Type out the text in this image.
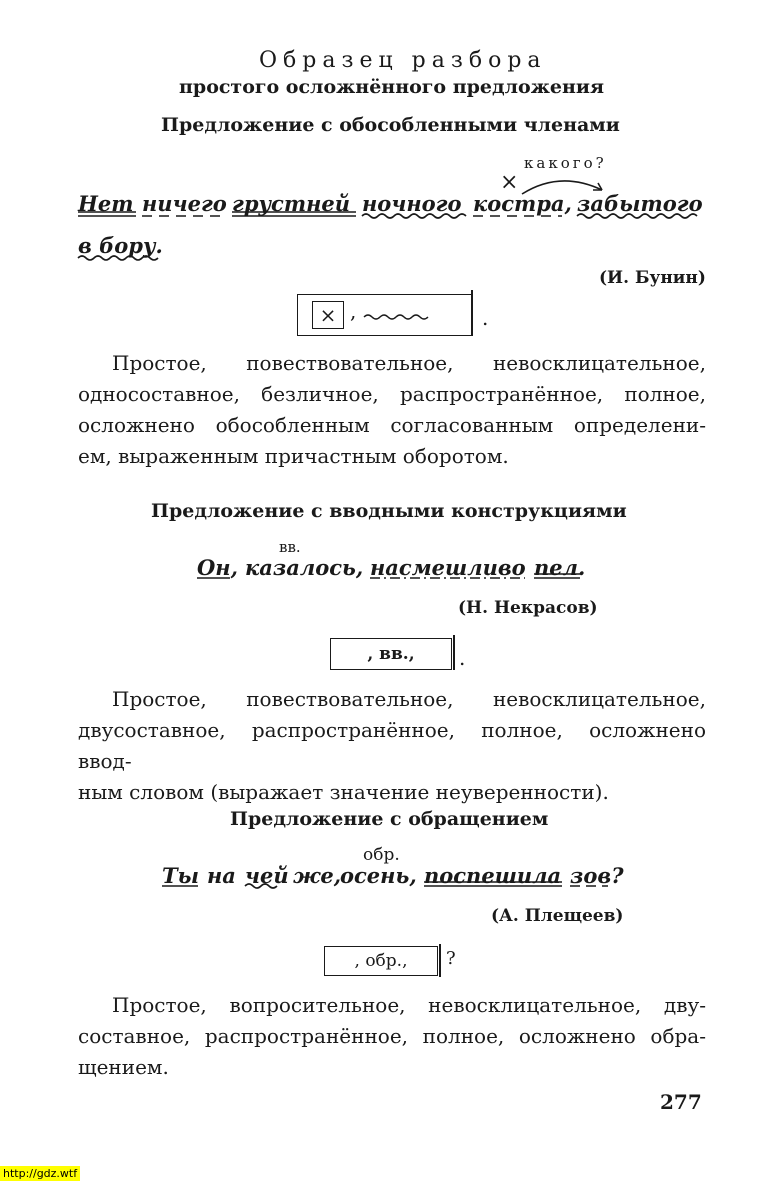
Образец разбора
простого осложнённого предложения
Предложение с обособленными членами
какого?
×
Нет ничего грустней ночного костра, забытого
в бору.
(И. Бунин)
× ,	.
Простое, повествовательное, невосклицательное,
односоставное, безличное, распространённое, полное,
осложнено обособленным согласованным определени-
ем, выраженным причастным оборотом.
Предложение с вводными конструкциями
вв.
Он, казалось, насмешливо пел.
(Н. Некрасов)
, вв.,	.
Простое, повествовательное, невосклицательное,
двусоставное, распространённое, полное, осложнено ввод-
ным словом (выражает значение неуверенности).
Предложение с обращением
обр.
Ты на чей же,
осень, поспешила зов?
(А. Плещеев)
, обр.,	?
Простое, вопросительное, невосклицательное, дву-
составное, распространённое, полное, осложнено обра-
щением.
277
http://gdz.wtf
